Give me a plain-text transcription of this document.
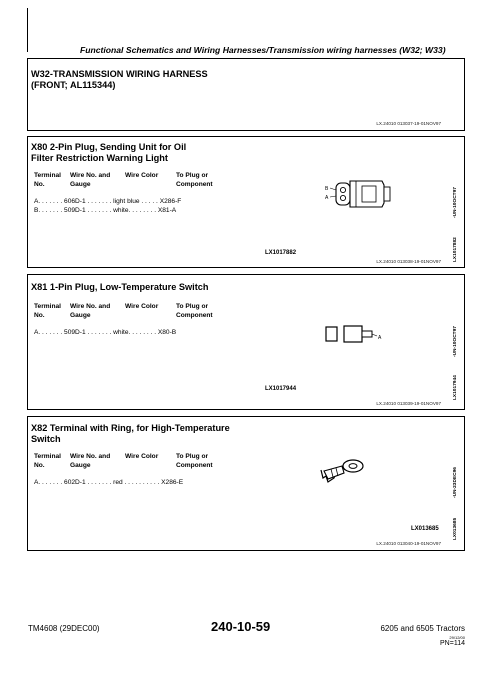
Functional Schematics and Wiring Harnesses/Transmission wiring harnesses (W32; W33)
W32-TRANSMISSION WIRING HARNESS
(FRONT; AL115344)
LX.24010 013037-19-01NOV97
X80 2-Pin Plug, Sending Unit for Oil
Filter Restriction Warning Light
Terminal
No.
Wire No. and
Gauge
Wire Color	To Plug or
Component
A. . . . . . . 606D-1 . . . . . . . light blue . . . . . X286-F
B. . . . . . . 509D-1 . . . . . . . white. . . . . . . . X81-A
B
A
LX1017882
-UN-10OCT97
LX1017882
LX.24010 013038-19-01NOV97
X81 1-Pin Plug, Low-Temperature Switch
Terminal
No.
Wire No. and
Gauge
Wire Color	To Plug or
Component
A. . . . . . . 509D-1 . . . . . . . white. . . . . . . . X80-B
A
LX1017944
-UN-10OCT97
LX1017944
LX.24010 013039-19-01NOV97
X82 Terminal with Ring, for High-Temperature
Switch
Terminal
No.
Wire No. and
Gauge
Wire Color	To Plug or
Component
A. . . . . . . 602D-1 . . . . . . . red . . . . . . . . . . X286-E
LX013685
-UN-23DEC96
LX013685
LX.24010 013040-19-01NOV97
TM4608 (29DEC00)	240-10-59	6205 and 6505 Tractors
29/12/00
PN=114
